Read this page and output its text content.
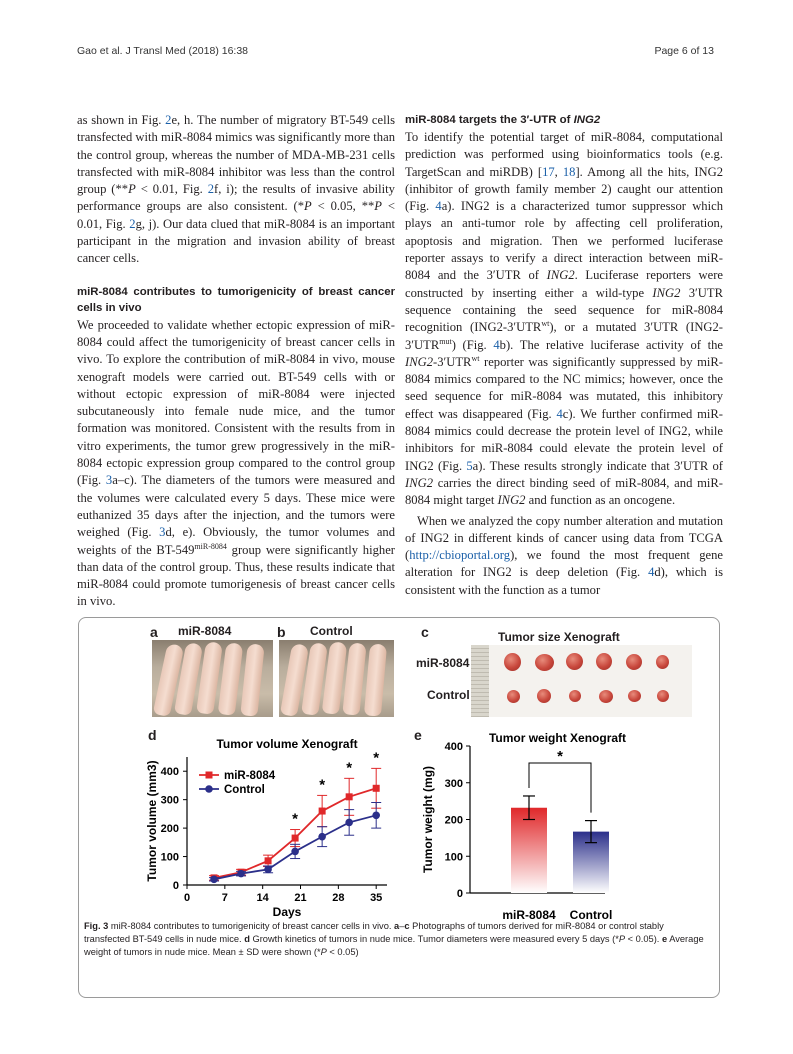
Gao et al. J Transl Med (2018) 16:38	Page 6 of 13

as shown in Fig. 2e, h. The number of migratory BT-549 cells transfected with miR-8084 mimics was significantly more than the control group, whereas the number of MDA-MB-231 cells transfected with miR-8084 inhibitor was less than the control group (**P < 0.01, Fig. 2f, i); the results of invasive ability performance groups are also consistent. (*P < 0.05, **P < 0.01, Fig. 2g, j). Our data clued that miR-8084 is an important participant in the migration and invasion ability of breast cancer cells.

miR-8084 contributes to tumorigenicity of breast cancer cells in vivo

We proceeded to validate whether ectopic expression of miR-8084 could affect the tumorigenicity of breast cancer cells in vivo. To explore the contribution of miR-8084 in vivo, mouse xenograft models were carried out. BT-549 cells with or without ectopic expression of miR-8084 were injected subcutaneously into female nude mice, and the tumor formation was monitored. Consistent with the results from in vitro experiments, the tumor grew progressively in the miR-8084 ectopic expression group compared to the control group (Fig. 3a–c). The diameters of the tumors were measured and the volumes were calculated every 5 days. These mice were euthanized 35 days after the injection, and the tumors were weighed (Fig. 3d, e). Obviously, the tumor volumes and weights of the $BT-549^{miR-8084}$ group were significantly higher than data of the control group. Thus, these results indicate that miR-8084 could promote tumorigenesis of breast cancer cells in vivo.

miR-8084 targets the 3′-UTR of ING2

To identify the potential target of miR-8084, computational prediction was performed using bioinformatics tools (e.g. TargetScan and miRDB) [17, 18]. Among all the hits, ING2 (inhibitor of growth family member 2) caught our attention (Fig. 4a). ING2 is a characterized tumor suppressor which plays an anti-tumor role by affecting cell proliferation, apoptosis and migration. Then we performed luciferase reporter assays to verify a direct interaction between miR-8084 and the 3′UTR of ING2. Luciferase reporters were constructed by inserting either a wild-type ING2 3′UTR sequence containing the seed sequence for miR-8084 recognition $(ING2-3'UTR^{wt})$, or a mutated 3′UTR $(ING2-3'UTR^{mut})$ (Fig. 4b). The relative luciferase activity of the $ING2-3'UTR^{wt}$ reporter was significantly suppressed by miR-8084 mimics compared to the NC mimics; however, once the seed sequence for miR-8084 was mutated, this inhibitory effect was disappeared (Fig. 4c). We further confirmed miR-8084 mimics could decrease the protein level of ING2, while inhibitors for miR-8084 could elevate the protein level of ING2 (Fig. 5a). These results strongly indicate that 3′UTR of ING2 carries the direct binding seed of miR-8084, and miR-8084 might target ING2 and function as an oncogene.

When we analyzed the copy number alteration and mutation of ING2 in different kinds of cancer using data from TCGA (http://cbioportal.org), we found the most frequent gene alteration for ING2 is deep deletion (Fig. 4d), which is consistent with the function as a tumor

a miR-8084	b Control	c	Tumor size Xenograft
miR-8084
Control
d	e
Tumor volume Xenograft
0
100
200
300
400
0	7	14 21 28 35
Days
Tumor volume (mm3)	miR-8084
Control
*
*
*
*
Tumor weight Xenograft
0
100
200
300
400
Tumor weight (mg)
miR-8084 Control
*
Fig. 3 miR-8084 contributes to tumorigenicity of breast cancer cells in vivo. a–c Photographs of tumors derived for miR-8084 or control stably transfected BT-549 cells in nude mice. d Growth kinetics of tumors in nude mice. Tumor diameters were measured every 5 days (*P < 0.05). e Average weight of tumors in nude mice. Mean ± SD were shown (*P < 0.05)
